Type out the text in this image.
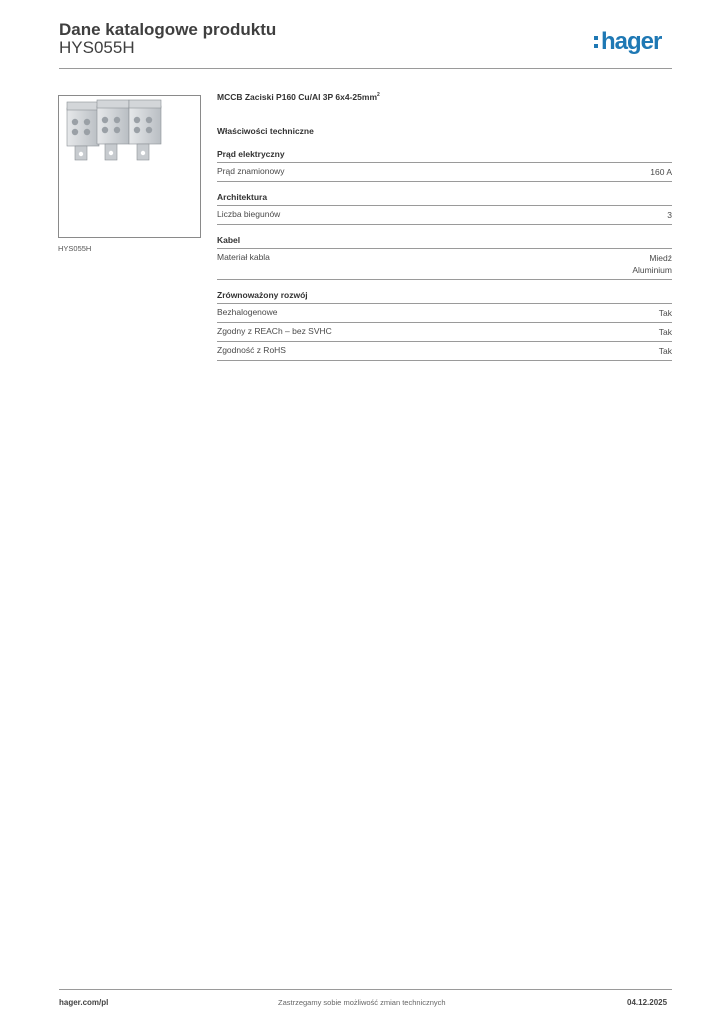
Dane katalogowe produktu
HYS055H	hager
HYS055H
MCCB Zaciski P160 Cu/Al 3P $6x4-25mm^2$
Właściwości techniczne
Prąd elektryczny
Prąd znamionowy	160 A
Architektura
Liczba biegunów	3
Kabel
Materiał kabla	Miedź
Aluminium
Zrównoważony rozwój
Bezhalogenowe	Tak
Zgodny z REACh – bez SVHC	Tak
Zgodność z RoHS	Tak
hager.com/pl	Zastrzegamy sobie możliwość zmian technicznych	04.12.2025
